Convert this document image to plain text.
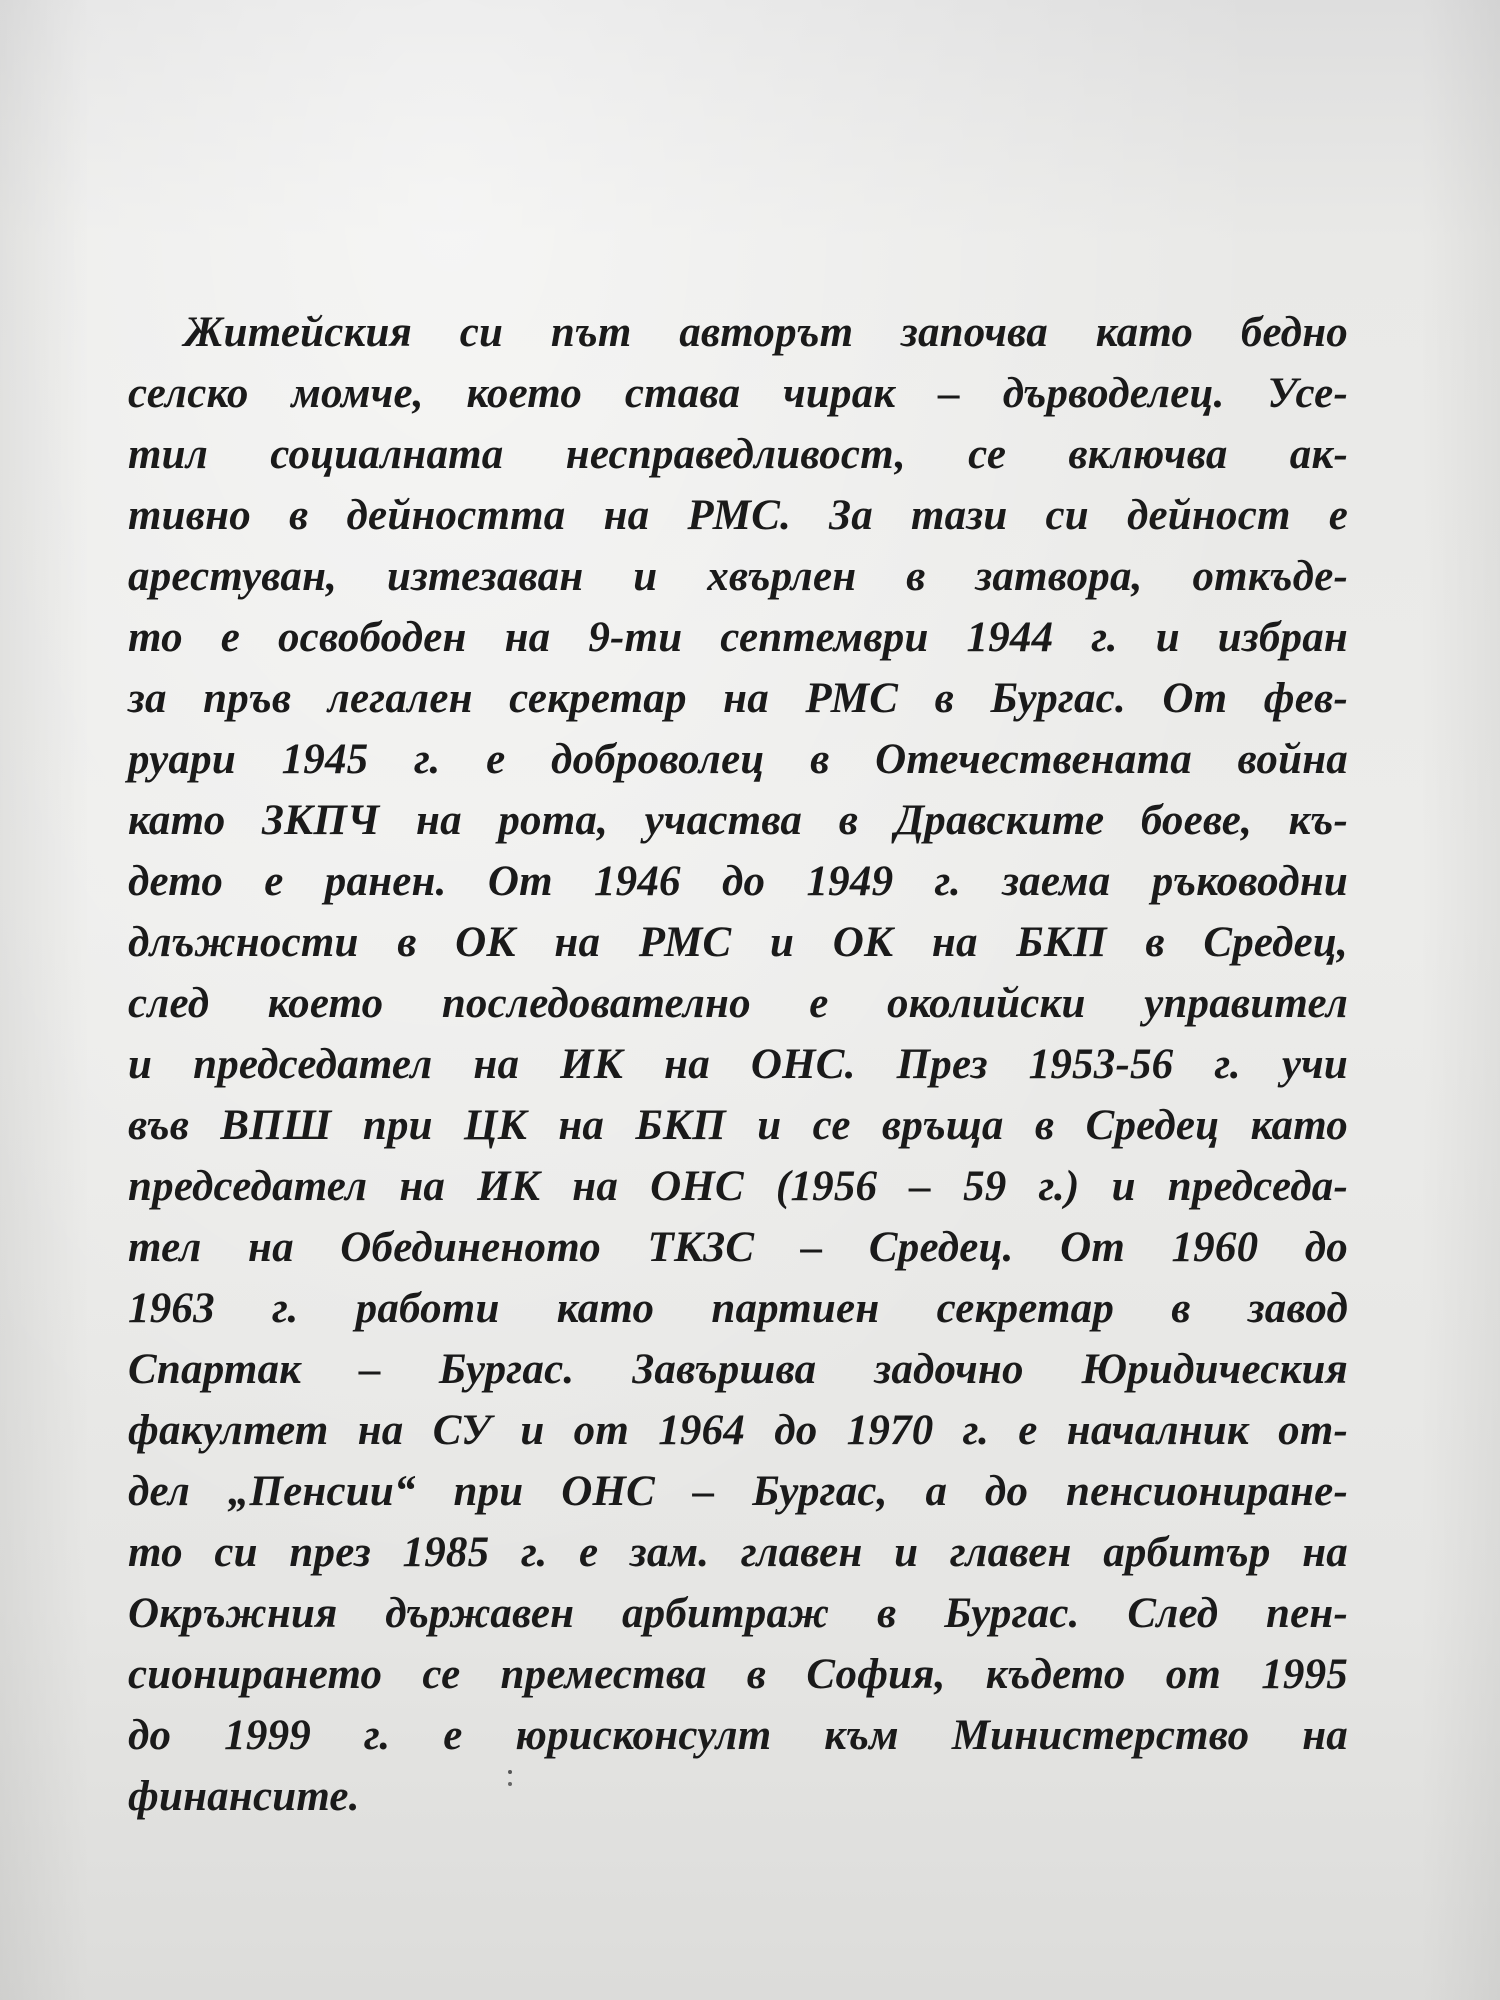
Житейския си път авторът започва като бедно
селско момче, което става чирак – дърводелец. Усе-
тил социалната несправедливост, се включва ак-
тивно в дейността на РМС. За тази си дейност е
арестуван, изтезаван и хвърлен в затвора, откъде-
то е освободен на 9-ти септември 1944 г. и избран
за пръв легален секретар на РМС в Бургас. От фев-
руари 1945 г. е доброволец в Отечествената война
като ЗКПЧ на рота, участва в Дравските боеве, къ-
дето е ранен. От 1946 до 1949 г. заема ръководни
длъжности в ОК на РМС и ОК на БКП в Средец,
след което последователно е околийски управител
и председател на ИК на ОНС. През 1953-56 г. учи
във ВПШ при ЦК на БКП и се връща в Средец като
председател на ИК на ОНС (1956 – 59 г.) и председа-
тел на Обединеното ТКЗС – Средец. От 1960 до
1963 г. работи като партиен секретар в завод
Спартак – Бургас. Завършва задочно Юридическия
факултет на СУ и от 1964 до 1970 г. е началник от-
дел „Пенсии“ при ОНС – Бургас, а до пенсиониране-
то си през 1985 г. е зам. главен и главен арбитър на
Окръжния държавен арбитраж в Бургас. След пен-
сионирането се премества в София, където от 1995
до 1999 г. е юрисконсулт към Министерство на
финансите.
